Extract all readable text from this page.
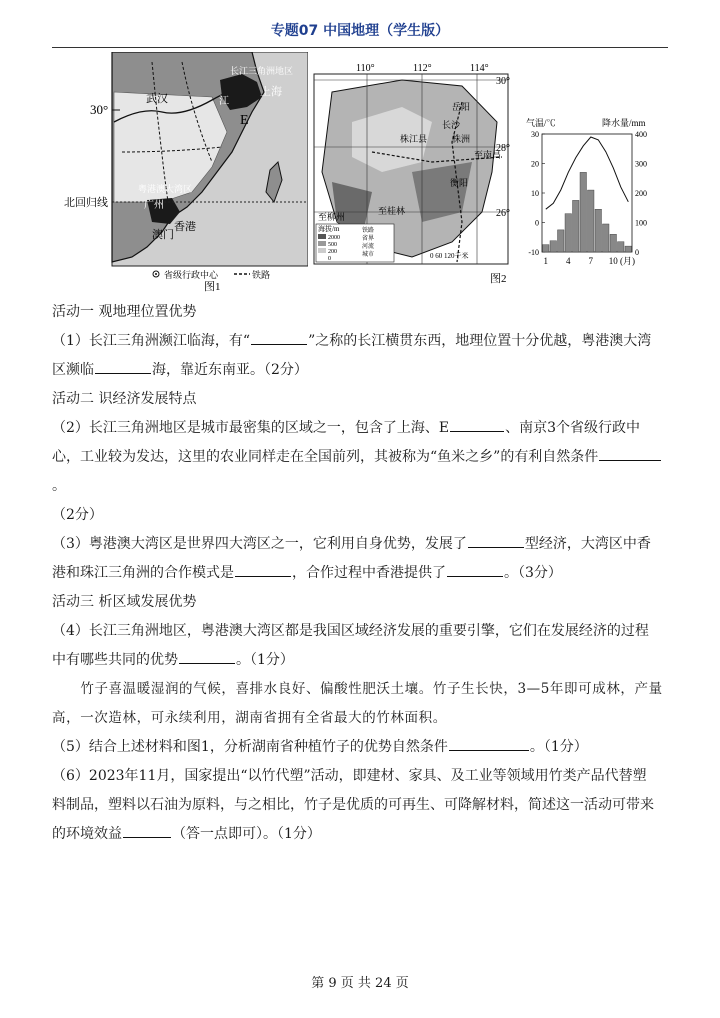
专题07 中国地理（学生版）
30°
北回归线
长江三角洲地区
上海
江
E
武汉
粤港澳大湾区
广州
香港
澳门
省级行政中心	铁路
图1
110°	112°	114°
30°
28°
26°
岳阳
长沙
株江县	株洲
至南昌
衡阳
至桂林
至柳州
海拔/m
2000
500
200
0
铁路
省界
河流
城市	0 60 120千米
图2
气温/℃	降水量/mm
30
20
10
0
-10
400
300
200
100
0
1 4 7 10 (月)

活动一 观地理位置优势

（1）长江三角洲濒江临海，有“	”之称的长江横贯东西，地理位置十分优越，粤港澳大湾

区濒临	海，靠近东南亚。（2分）

活动二 识经济发展特点

（2）长江三角洲地区是城市最密集的区域之一，包含了上海、E	、南京3个省级行政中

心，工业较为发达，这里的农业同样走在全国前列，其被称为“鱼米之乡”的有利自然条件。

（2分）

（3）粤港澳大湾区是世界四大湾区之一，它利用自身优势，发展了	型经济，大湾区中香

港和珠江三角洲的合作模式是	，合作过程中香港提供了	。（3分）

活动三 析区域发展优势

（4）长江三角洲地区，粤港澳大湾区都是我国区域经济发展的重要引擎，它们在发展经济的过程

中有哪些共同的优势	。（1分）

竹子喜温暖湿润的气候，喜排水良好、偏酸性肥沃土壤。竹子生长快，3—5年即可成林，产量高，一次造林，可永续利用，湖南省拥有全省最大的竹林面积。

（5）结合上述材料和图1，分析湖南省种植竹子的优势自然条件	。（1分）

（6）2023年11月，国家提出“以竹代塑”活动，即建材、家具、及工业等领域用竹类产品代替塑

料制品，塑料以石油为原料，与之相比，竹子是优质的可再生、可降解材料，简述这一活动可带来

的环境效益	（答一点即可）。（1分）

第 9 页 共 24 页
